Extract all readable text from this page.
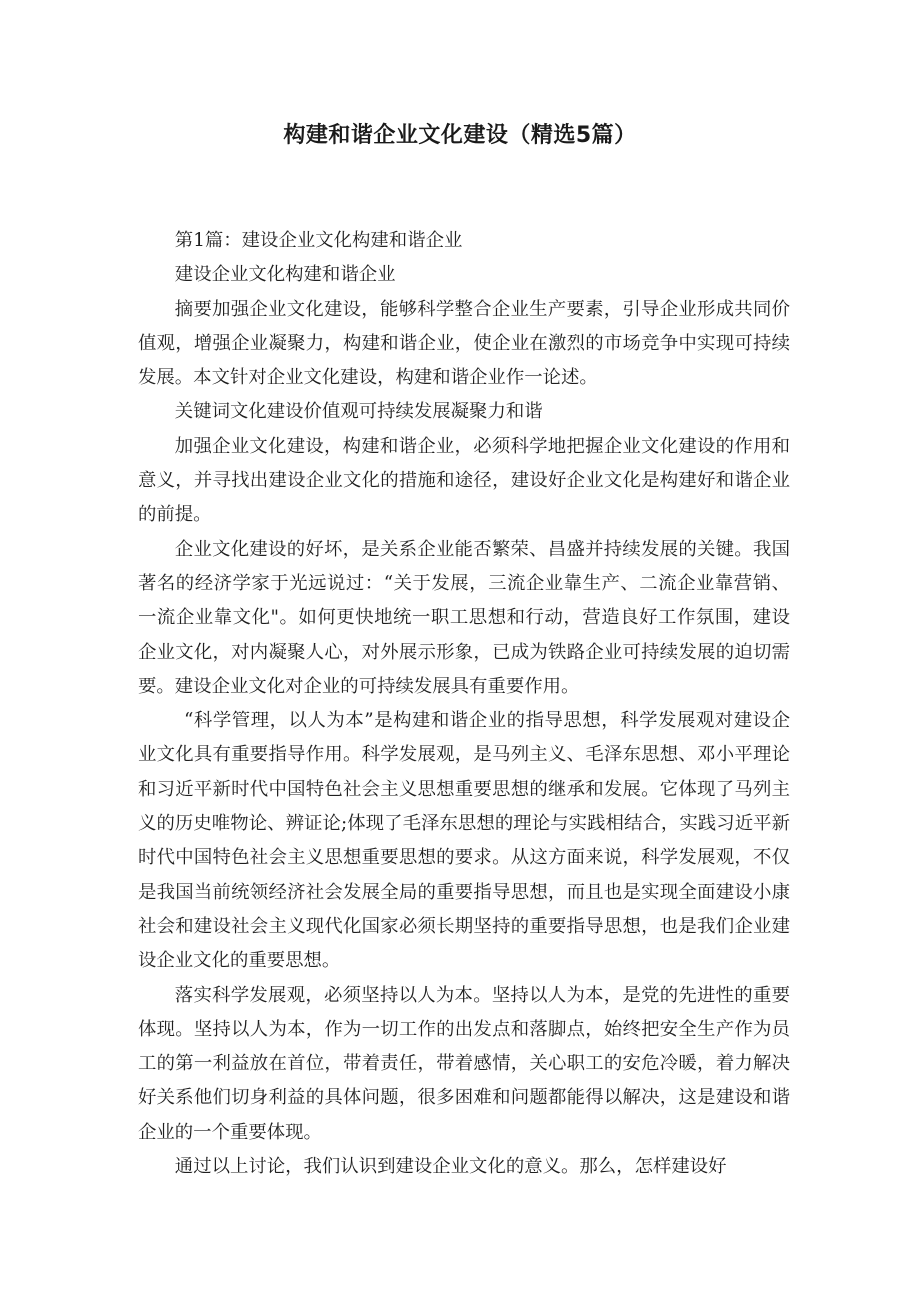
构建和谐企业文化建设（精选5篇）

第1篇：建设企业文化构建和谐企业

建设企业文化构建和谐企业

摘要加强企业文化建设，能够科学整合企业生产要素，引导企业形成共同价值观，增强企业凝聚力，构建和谐企业，使企业在激烈的市场竞争中实现可持续发展。本文针对企业文化建设，构建和谐企业作一论述。

关键词文化建设价值观可持续发展凝聚力和谐

加强企业文化建设，构建和谐企业，必须科学地把握企业文化建设的作用和意义，并寻找出建设企业文化的措施和途径，建设好企业文化是构建好和谐企业的前提。

企业文化建设的好坏，是关系企业能否繁荣、昌盛并持续发展的关键。我国著名的经济学家于光远说过：“关于发展，三流企业靠生产、二流企业靠营销、一流企业靠文化"。如何更快地统一职工思想和行动，营造良好工作氛围，建设企业文化，对内凝聚人心，对外展示形象，已成为铁路企业可持续发展的迫切需要。建设企业文化对企业的可持续发展具有重要作用。

“科学管理，以人为本”是构建和谐企业的指导思想，科学发展观对建设企业文化具有重要指导作用。科学发展观，是马列主义、毛泽东思想、邓小平理论和习近平新时代中国特色社会主义思想重要思想的继承和发展。它体现了马列主义的历史唯物论、辨证论;体现了毛泽东思想的理论与实践相结合，实践习近平新时代中国特色社会主义思想重要思想的要求。从这方面来说，科学发展观，不仅是我国当前统领经济社会发展全局的重要指导思想，而且也是实现全面建设小康社会和建设社会主义现代化国家必须长期坚持的重要指导思想，也是我们企业建设企业文化的重要思想。

落实科学发展观，必须坚持以人为本。坚持以人为本，是党的先进性的重要体现。坚持以人为本，作为一切工作的出发点和落脚点，始终把安全生产作为员工的第一利益放在首位，带着责任，带着感情，关心职工的安危冷暖，着力解决好关系他们切身利益的具体问题，很多困难和问题都能得以解决，这是建设和谐企业的一个重要体现。

通过以上讨论，我们认识到建设企业文化的意义。那么，怎样建设好
